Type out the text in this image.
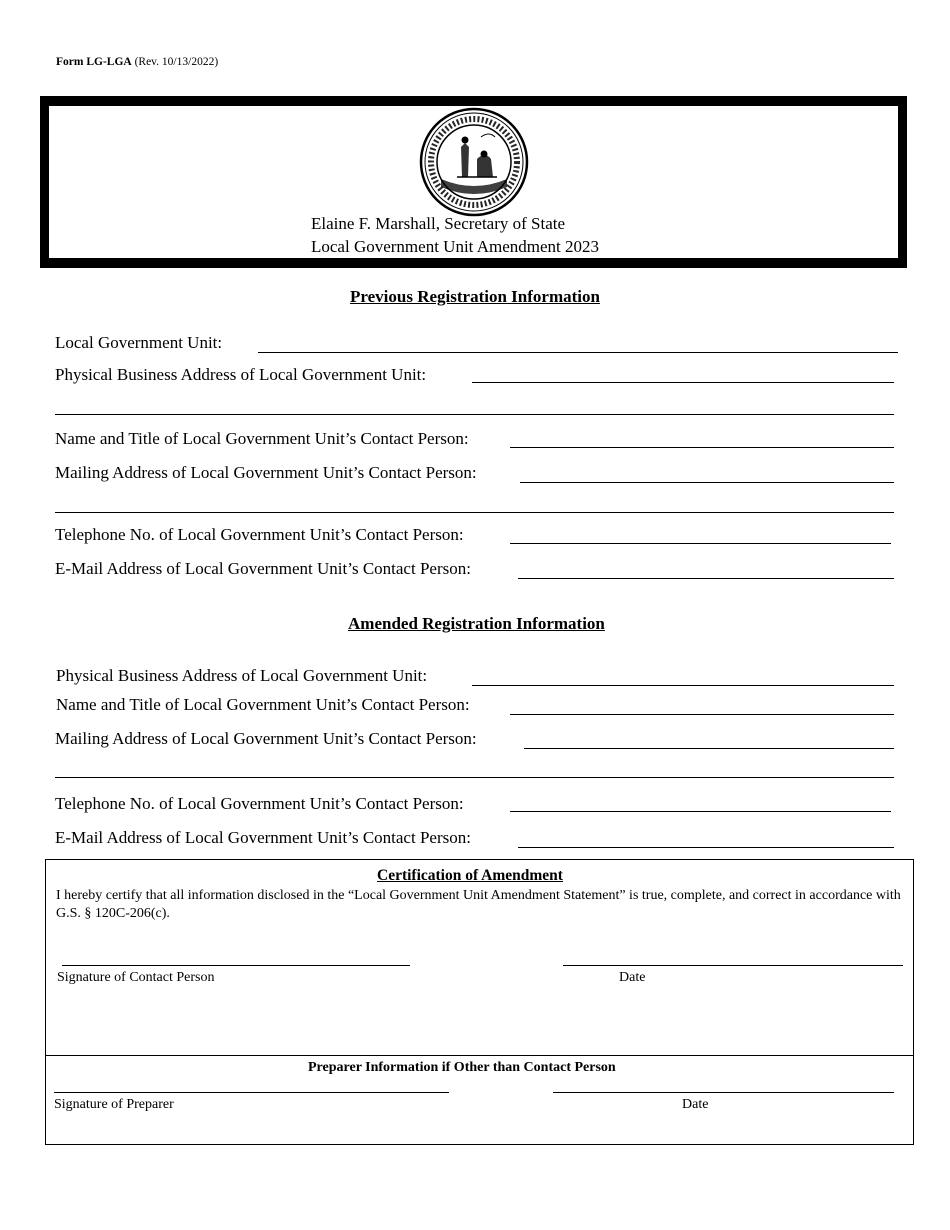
Form LG-LGA (Rev. 10/13/2022)
Elaine F. Marshall, Secretary of State
Local Government Unit Amendment 2023
Previous Registration Information
Local Government Unit:
Physical Business Address of Local Government Unit:
Name and Title of Local Government Unit’s Contact Person:
Mailing Address of Local Government Unit’s Contact Person:
Telephone No. of Local Government Unit’s Contact Person:
E-Mail Address of Local Government Unit’s Contact Person:
Amended Registration Information
Physical Business Address of Local Government Unit:
Name and Title of Local Government Unit’s Contact Person:
Mailing Address of Local Government Unit’s Contact Person:
Telephone No. of Local Government Unit’s Contact Person:
E-Mail Address of Local Government Unit’s Contact Person:
Certification of Amendment
I hereby certify that all information disclosed in the “Local Government Unit Amendment Statement” is true, complete, and correct in accordance with G.S. § 120C-206(c).
Signature of Contact Person	Date
Preparer Information if Other than Contact Person
Signature of Preparer	Date
